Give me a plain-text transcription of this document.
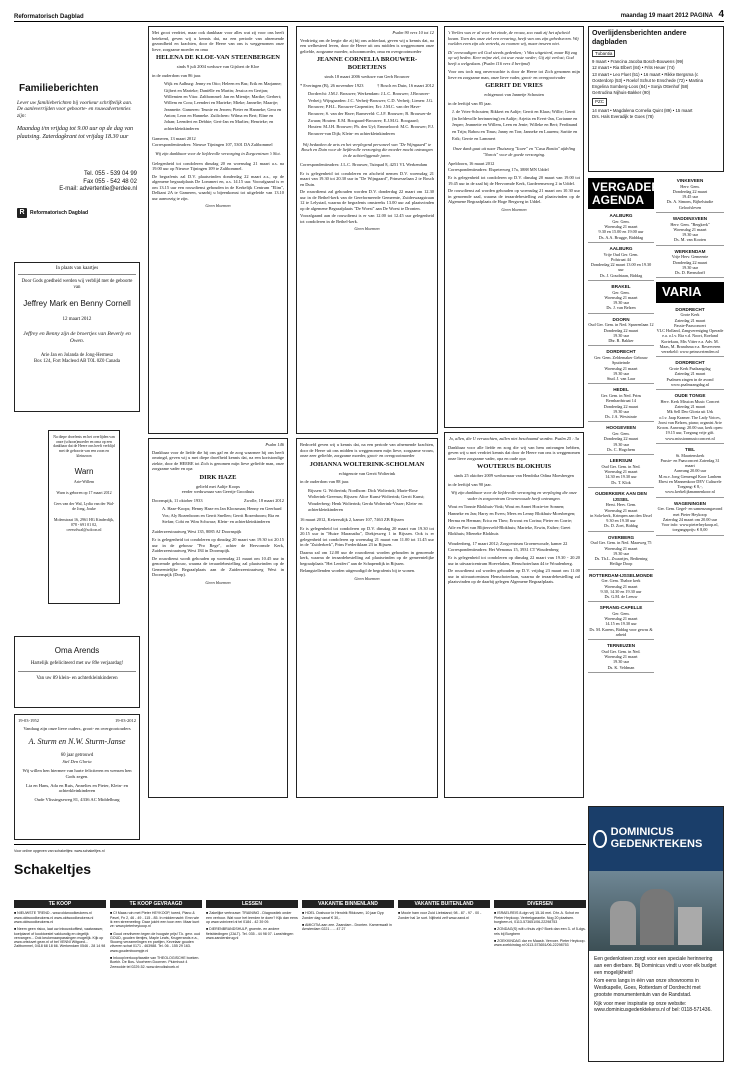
Reformatorisch Dagblad	maandag 19 maart 2012 PAGINA 4
Familieberichten
Lever uw familieberichten bij voorkeur schriftelijk aan. De aanleverrijden voor geboorte- en rouwadvertenties zijn:
Maandag t/m vrijdag tot 9.00 uur op de dag van plaatsing. Zaterdagkrant tot vrijdag 18.30 uur
Tel. 055 - 539 04 99
Fax 055 - 542 48 02
E-mail: advertentie@erdee.nl
R	Reformatorisch Dagblad
In plaats van kaartjes
Door Gods goedheid werden wij verblijd met de geboorte van
Jeffrey Mark en Benny Cornell
12 maart 2012
Jeffrey en Benny zijn de broertjes van Beverly en Owen.
Arie Jan en Jolanda de Jong-Hermesz
Box 124, Fort Macleod AB T0L 0Z0 Canada
Na diepe droefenis en het overlijden van onze (schoon)moeder en oma op een dankbaar dat de Heere ons heeft verblijd met de geboorte van een zoon en kleinzoon
Warn
Arie-Willem
Warn is geboren op 17 maart 2012
Cees van der Wal, Lydia van der Wal-de Jong, Jouke
Molenstraat 16, 2961 HG Kinderdijk, 078 - 691 01 02, ceesvdwal@solcon.nl
Oma Arends
Hartelijk gefeliciteerd met uw 89e verjaardag!
Van uw 89 klein- en achterkleinkinderen
19-03-1952	19-03-2012
Vandaag zijn onze lieve ouders, groot- en overgrootouders
A. Sturm en N.W. Sturm-Janse
60 jaar getrouwd
Stel Den Gloria
Wij willen hen hiermee van harte feliciteren en wensen hen Gods zegen.
Lia en Hans, Ada en Ruis, Annelies en Pieter, Klein- en achterkleinkinderen
Oude Vlissingseweg 81, 4336 AC Middelburg
Met groot verdriet, maar ook dankbaar voor alles wat zij voor ons heeft betekend, geven wij u kennis dat, na een periode van afnemende gezondheid en krachten, door de Heere van ons is weggenomen onze lieve, zorgzame moeder en oma
HELENA DE KLOE-VAN STEENBERGEN
sinds 9 juli 2004 weduwe van Gijsbert de Kloe
in de ouderdom van 86 jaar.
Wijk en Aalburg: Jenny en Otto; Heleen en Bas; Erik en Marjanne; Gijbert en Marieke; Daniëlle en Martin; Jessica en Gertjan; Willemien en Vitor. Zaltbommel: Jan en Mientje; Marike; Gerbert; Willem en Cora; Leendert en Marieke; Mieke; Jannelie; Maartje; Jeannette. Gameren: Teunie en Jeroen; Pieter en Hanneke; Gera en Anton; Leon en Hanneke. Zuilichem: Wilma en Bert; Eline en Johan; Leendert en Debbie; Gert-Jan en Marlies; Henrieke; en achterkleinkinderen
Gameren, 13 maart 2012
Correspondentieadres: Nieuwe Tijningen 107, 5301 DA Zaltbommel
Wij zijn dankbaar voor de liefdevolle verzorging in Zorgcentrum 't Slot.
Gelegenheid tot condoleren dinsdag 20 en woensdag 21 maart a.s. na 19.00 uur op Nieuwe Tijningen 109 te Zaltbommel.
De begrafenis zal D.V. plaatsvinden donderdag 22 maart a.s., op de algemene begraafplaats De Lommert en, a.s. 14.15 uur. Voorafgaand is er om 13.15 uur een rouwdienst gehouden in de Kerkelijk Centrum "Elim", Delkant 2A te Gameren, waarbij u bijeenkomst tot uitgeleide van 13.10 uur aanwezig te zijn.
Geen bloemen
Psalm 146
Dankbaar voor de liefde die hij ons gaf en de zorg waarmee hij ons heeft omringd, geven wij u met diepe droefheid kennis dat, na een kortstondige ziekte, door de HEERE tot Zich is genomen mijn lieve geliefde man, onze zorgzame vader en opa
DIRK HAZE
geliefd met Aaltje Koops
eerder weduwnaar van Geertje Groothuis
Doornspijk, 11 oktober 1933	Zwolle, 18 maart 2012
A. Haze-Koops; Henny Haze en Jan Kloosman; Henny en Geerhard Vos; Aly Rozenboom en Gerrit Snellen; Gerrit Rozenboom; Ria en Stefan; Cobi en Wim Schwarz; Klein- en achterkleinkinderen
Zuiderzeestraatweg West 135, 8085 AJ Doornspijk
Er is gelegenheid tot condoleren op dinsdag 20 maart van 19.30 tot 20.15 uur in de gebouw "Pro Rege", achter de Hervormde Kerk, Zuiderzeestraatweg West 184 in Doornspijk.
De rouwdienst wordt gehouden op woensdag 21 maart om 10.45 uur in genoemde gebouw, waarna de teraardebestelling zal plaatsvinden op de Gemeentelijke Begraafplaats aan de Zuiderzeestraatweg West in Doornspijk (Dorp).
Geen bloemen
Psalm 90 vers 10 tot 12
Verdrietig om de leegte die zij bij ons achterlaat, geven wij u kennis dat, na een welbesteed leven, door de Heere uit ons midden is weggenomen onze geliefde, zorgzame moeder, schoonmoeder, oma en overgrootmoeder
JEANNE CORNELIA BROUWER-BOERTJENS
sinds 18 maart 2006 weduwe van Gerb Brouwer
* Everingen (B), 26 november 1923	† Bosch en Duin, 16 maart 2012
Dordrecht: J.M.J. Brouwer; Werkendam: J.L.C. Brouwer; J.Brouwer-Verheij; Wijngaarden: J.C. Verheij-Brouwer; C.D. Verheij; Lienen: J.G. Brouwer; P.H.L. Brouwer-Carpentier; Ert: J.M.C. van der Have-Brouwer; S. van der Have; Barneveld: C.J.F. Brouwer; B. Brouwer-de Zwaan; Houten: E.M. Boogaard-Brouwer; E.J.M.G. Boogaard; Houten: M.J.H. Brouwer; Ph. den Uyl; Emmeloord: M.C. Brouwer; P.J. Brouwer-van Dijk; Klein- en achterkleinkinderen
Wij bedanken de arts en het verplegend personeel van "De Wijngaard" te Bosch en Duin voor de liefdevolle verzorging die moeder mocht ontvangen in de achterliggende jaren.
Correspondentieadres: J.L.C. Brouwer, Tuinpad 8, 4251 VL Werkendam
Er is gelegenheid tot condoleren en afscheid nemen D.V. woensdag 21 maart van 19.30 tot 20.30 uur in "De Wijngaard", Prinsesselaan 2 te Bosch en Duin.
De rouwdienst zal gehouden worden D.V. donderdag 22 maart om 12.30 uur in de Bethel-kerk van de Gereformeerde Gemeente, Zuiderwaagstraan 12 te Lelystad, waarna de begrafenis omstreeks 13.00 uur zal plaatsvinden op de algemene Begraafplaats "De Woest" aan De Woest te Dronten.
Voorafgaand aan de rouwdienst is er van 12.00 tot 12.45 uur gelegenheid tot condoleren in de Bethel-kerk.
Geen bloemen
Bedroefd geven wij u kennis dat, na een periode van afnemende krachten, door de Heere uit ons midden is weggenomen mijn lieve, zorgzame vrouw, onze zeer geliefde, zorgzame moeder, groot- en overgrootmoeder
JOHANNA WOLTERINK-SCHOLMAN
echtgenote van Gerrit Wolterink
in de ouderdom van 88 jaar.
Rijssen: G. Wolterink; Nordhorn: Dick Wolterink; Marie-Rose Wolterink-Greenus; Rijssen: Alice Kunst-Wolterink; Gerrit Kunst; Wouderberg: Henk Wolterink; Gerda Wolterink-Visser; Klein- en achterkleinkinderen
16 maart 2012, Keizersdijk 2, kamer 107, 7463 ZB Rijssen
Er is gelegenheid tot condoleren op D.V. dinsdag 20 maart van 19.30 tot 20.15 uur in "Huize Maranatha", Diekjesweg 1 in Rijssen. Ook is er gelegenheid tot condoleren op woensdag 21 maart van 11.00 tot 11.45 uur in de "Zuiderkerk", Prins Frederiklaan 23 in Rijssen.
Daarna zal om 12.00 uur de rouwdienst worden gehouden in genoemde kerk, waarna de teraardebestelling zal plaatsvinden op de gemeentelijke begraafplaats "Het Lentfert" aan de Schapendijk in Rijssen.
Belangstellenden worden uitgenodigd de begrafenis bij te wonen.
Geen bloemen
't Verlies was er al voor het einde, de vrouw, zoo vaak zij het afscheid kwam. Toen des onze ziel een ervaring, heeft van ons zijn gebedsvorm. Wij voelden even zijn als vertrekt, zo roomen wij, maar treuren niet.
Di' eenvoudigen wil God steeds gedenken; 't Was uitgetierd, maar Bij zag op wij heden. Keer mijne ziel, tot uwe ruste weder; Gij zijt verlost; God heeft u welgedaan. (Psalm 116 vers 4 berijmd)
Voor ons toch nog onverwachte is door de Heere tot Zich genomen mijn lieve en zorgzame man, onze lieve vader, groot- en overgrootvader
GERRIT DE VRIES
echtgenoot van Jannetje Schouten
in de leeftijd van 85 jaar.
J. de Vries-Schouten; Rikkert en Aaltje; Gerrit en Klaas; Willie; Gerrit (in liefdevolle herinnering) en Aaltje; Arjeita en Evert-Jan, Corianne en Jesper; Jeannette en Willem, Leen en Jenie; Willeke en Bert; Ferdinand en Trijn; Rabou en Tinus; Janny en Ton; Janneke en Laurens; Saritie en Erik; Gerrie en Lammert
Onze dank gaat uit naar Thuiszorg "Icare" en "Casa Bonita" afdeling "Narcis" voor de goede verzorging.
Apeldoorn, 16 maart 2012
Correspondentieadres: Elspeterweg 17a, 3888 MN Uddel
Er is gelegenheid tot condoleren op D.V. dinsdag 20 maart van 19.00 tot 19.45 uur in de zaal bij de Hervormde Kerk, Garderenseweg 2 in Uddel.
De rouwdienst zal worden gehouden op woensdag 21 maart om 10.30 uur in genoemde zaal, waarna de teraardebestelling zal plaatsvinden op de Algemene Begraafplaats de Hoge Bergweg in Uddel.
Geen bloemen
Jo, allen, die U verwachten, zullen niet beschaamd worden. Psalm 25 : 3a
Dankbaar voor alle liefde en zorg die wij van hem ontvangen hebben, geven wij u met verdriet kennis dat door de Heere van ons is weggenomen onze lieve zorgzame vader, opa en oude opa
WOUTERUS BLOKHUIS
sinds 25 oktober 2009 weduwnaar van Hendrika Odina Moesbergen
in de leeftijd van 90 jaar.
Wij zijn dankbaar voor de liefdevolle verzorging en verpleging die onze vader in zorgcentrum Groenewoude heeft ontvangen.
Wout en Tonnie Blokhuis-Vink; Wout en Annet Hozie-ter Sonnen; Hanneke en Jan; Harry en Evers; Mees en Lenny Blokhuis-Moesbergen; Herma en Herman; Erica en Theo; Erwout en Corina; Pieter en Corrie; Aile en Piet van Blijtersveld-Blokhuis; Marieke, Erwin, Esther; Greet Blokhuis; Mieneke Blokhuis
Woudenberg, 17 maart 2012; Zorgcentrum Groenewoude, kamer 22
Correspondentieadres: Het Wenonus 15, 3931 CT Woudenberg
Er is gelegenheid tot condoleren op dinsdag 22 maart van 19.30 - 20.20 uur in uitvaartcentrum Hoevelaken, Henschoterlaan 44 te Woudenberg.
De rouwdienst zal worden gehouden op D.V. vrijdag 23 maart om 11.00 uur in uitvaartcentrum Henschoterlaan, waarna de teraardebestelling zal plaatsvinden op de daarbij gelegen Algemene Begraafplaats.
Overlijdensberichten andere dagbladen
Tubantia
9 maart • Francina Jacoba Bosch-Bouwens (99)
12 maart • Ria Elbert (84) • Frits Heuer (74)
13 maart • Leo Fluet (51) • 16 maart • Rikke Bergsma (c Oosterdorp (53) • Roelof Schut te Enschede (72) • Martina Engelina Somberg-Loos (84) • Sonja Ottenhof (58)
Gertrudina Nijhuis-Bakker (90)
PZC
14 maart • Magdalena Cornelia Quint (89) • 15 maart
Drs. Hals Everadijk te Goes (78)
VERGADER-
AGENDA
AALBURG
Ger. Gem.
Woensdag 21 maart
9.30 en 15.00 en 19.00 uur
Ds. A.A. Brugge, Bidddag
AALBURG
Vrije Oud Ger. Gem.
Polstraat 44
Donderdag 22 maart 13.00 en 19.30 uur
Ds. J. Goudriaan, Biddag
BRAKEL
Ger. Gem.
Woensdag 21 maart
19.30 uur
Ds. J. van Belzen
DOORN
Oud Ger. Gem. in Ned. Sparrenlaan 12
Donderdag 22 maart
19.30 uur
Dhr. R. Bakker
DORDRECHT
Ger. Gem. Zeldemaker Gebouw Spuiteinde
Woensdag 21 maart
19.30 uur
Stud. J. van Laar
HEDEL
Ger. Gem. in Ned. Prins Bernhardstraat 14
Donderdag 22 maart
19.30 uur
Ds. J.A. Weststrate
HOOGEVEEN
Ger. Gem.
Donderdag 22 maart
19.30 uur
Ds. C. Hogchem
LEERSUM
Oud Ger. Gem. in Ned.
Woensdag 21 maart
14.30 en 19.30 uur
Ds. T. Klok
OUDERKERK AAN DEN IJSSEL
Herst. Herv. Gem.
Woensdag 21 maart
in Sola-kerk, Krimpen aan den IJssel 9.30 en 19.30 uur
Ds. D. Zoet, Biddag
OVERBERG
Oud Ger. Gem. in Ned. Maarweg 75
Woensdag 21 maart
19.30 uur
Ds. Th.L. Zwaartjes, Bediening Heilige Doop
ROTTERDAM-IJSSELMONDE
Ger. Gem. Thabor kerk
Woensdag 21 maart
9.30, 14.30 en 19.30 uur
Ds. G.M. de Leeuw
SPRANG-CAPELLE
Ger. Gem.
Woensdag 21 maart
14.15 en 19.30 uur
Ds. M. Karens, Biddag voor gewas & arbeid
TERNEUZEN
Oud Ger. Gem. in Ned.
Woensdag 21 maart
19.30 uur
Ds. K. Veldman
VINKEVEEN
Herv. Gem.
Donderdag 22 maart
19.45 uur
Ds. A. Simons, Bijbelstudie Geloofsleven
WADDINXVEEN
Herv. Gem. "Bergkerk"
Woensdag 21 maart
19.30 uur
Ds. M. van Kooten
WERKENDAM
Vrije Herv. Gemeente
Donderdag 22 maart
19.30 uur
Ds. D. Bernsdorff
VARIA
DORDRECHT
Grote Kerk
Zaterdag 21 maart
Passie-Paasconcert
VLC Holland, Zangvereniging Operade e.a. o.l.v. Ria v.d. Noort, Roeland Kortekaas, Mts Vitter e.a. Adv. M. Maas, M. Brandsma e.a. Reserveren verzekeld: www.petrusvrienden.nl
DORDRECHT
Grote Kerk Paalzangdag
Zaterdag 21 maart
Psalmen zingen in de avond
www.psalmzangdag.nl
OUDE TONGE
Herv. Kerk Mission Music Concert
Zaterdag 21 maart
Mk Sell Deo Gloria uit Urk
o.l.v. Jaap Kramer. The Lady Voices, Joost van Belzen, piano; organist Arie Kroon. Aanvang: 20.00 uur, kerk open: 19.15 uur, Toegang vrije gift. www.missionmusicconcert.nl
TIEL
St. Maartenskerk
Passie- en Paasconcert Zaterdag 31 maart
Aanvang 20.00 uur
M.m.v. Jong Gemengd Koor Lanhem Ebest en Mannenkoor DEV Culturele Toegang: € 8,-, www.kerkelijkmannenkoor.nl
WAGENINGEN
Ger. Gem. Gegel- en samenzangavond
met Pieter Heykoop
Zaterdag 24 maart om 20.00 uur
Voor info: www.pieterheykoop.nl, toegangsprijs: € 8,00
Voor online opgeven van schakeltjes: www.schakeltjes.nl
Schakeltjes
TE KOOP
■ NIEUWSTE TREND - www.oldwoodkeukens.nl www.oldwoodkeukens.nl www.oldwoodkeukens.nl www.oldwoodkeukens.nl
■ Neem geen risico, laat uw inbouwkoffiest, vaatwasser, koelpianel of kooktoestel vakkundig en degelijk vervangen... Ook keukenaanpassingen mogelijk. Kijk op www.ortstuvet gezn.nl of bel VENNI Witgoed... Zaltbommel, 0418 68 18 66. Werkendam 0546 - 28 14 98
TE KOOP GEVRAAGD
■ Cf Maas ruin met Pieter HEYKOOP, toeed, Piano & Pavel, Fn 2, 46 - 49 - 115 - 85. In middernacht: Emn wie ik een streeneeling: Daar juicht een toon een: Maar kunt ze: www.pieterheykoop.nl
■ Goud verzilveren tegen de hoogste prijs! T.k. gevr. oud GOUD, gouden tientjes, Maple Leafs, Krugerrands e.a., Stoomg verzamelingen en partijen, Kevelaar gouden zilveren schat 0171 - 463988. Tel. 06 - 155 29 163. www.goudenboompje.nl
■ Inkoop/verkoop/taxatie van THEOLOGISCHE boeken. Boekh. De Bos- Voorheen Doornen. Pluimhout 4 Zeewolde tel 0229-52. www.devolksboek.nl
LESSEN
■ Zakelijke vertrouwe: TRAINING - Diagnostiek onder een verhoor. Wat voor het leerden te doen? Kijk dan eens op www.voiniveel.nl tel 0184 - 42 39 09.
■ DIERENBRANDSHULP, groente- en andere fietsbiedingen (ZALT). Tel. 035 - 44 98 07. Lanshtingen www.zandersbrug.nl
VAKANTIE BINNENLAND
■ HOEL Oostvoor in Hendrik Rikkoven, 10 jaar Dyp Zonder dag vanaf € 30,-
■ AMICITIA aan zee. Zaandam - Dronten. Kamerswalt in Amsterdam 0221 - ... 47 27
VAKANTIE BUITENLAND
■ Mooie ham voor Zuid Liebstand; 98 - 87 - 97 - 00 - Zonder hal 1e sort. Nijtheid zelf www.zand.nl
DIVERSEN
■ ISRAELREIS 8-dgn vrij 15-16 mei. Dhr. A. Schot en Pieter Heykoop. Vertrekgarantie. Nog 20 plaatsen. burgbern.nl, 0113-573651/06-22298753
■ ZONDAG(S) wilt u thuis zijn? Boek dan een 3- of 5-dgs. reis bij Burgbern
■ ZOEKKINDAG dar en Maasb. Vervoer. Pieter Heykoop. www.zoekkindag.nl 0113-573651/06-22298753
DOMINICUS GEDENKTEKENS
Een gedenksteen zorgt voor een speciale herinnering aan een dierbare. Bij Dominicus vindt u voor elk budget een mogelijkheid!
Kom eens langs in één van onze showrooms in Westkapelle, Goes, Rotterdam of Dordrecht met grootste monumententuin van de Randstad.
Kijk voor meer inspiratie op onze website: www.dominicusgedenktekens.nl of bel: 0118-571436.
